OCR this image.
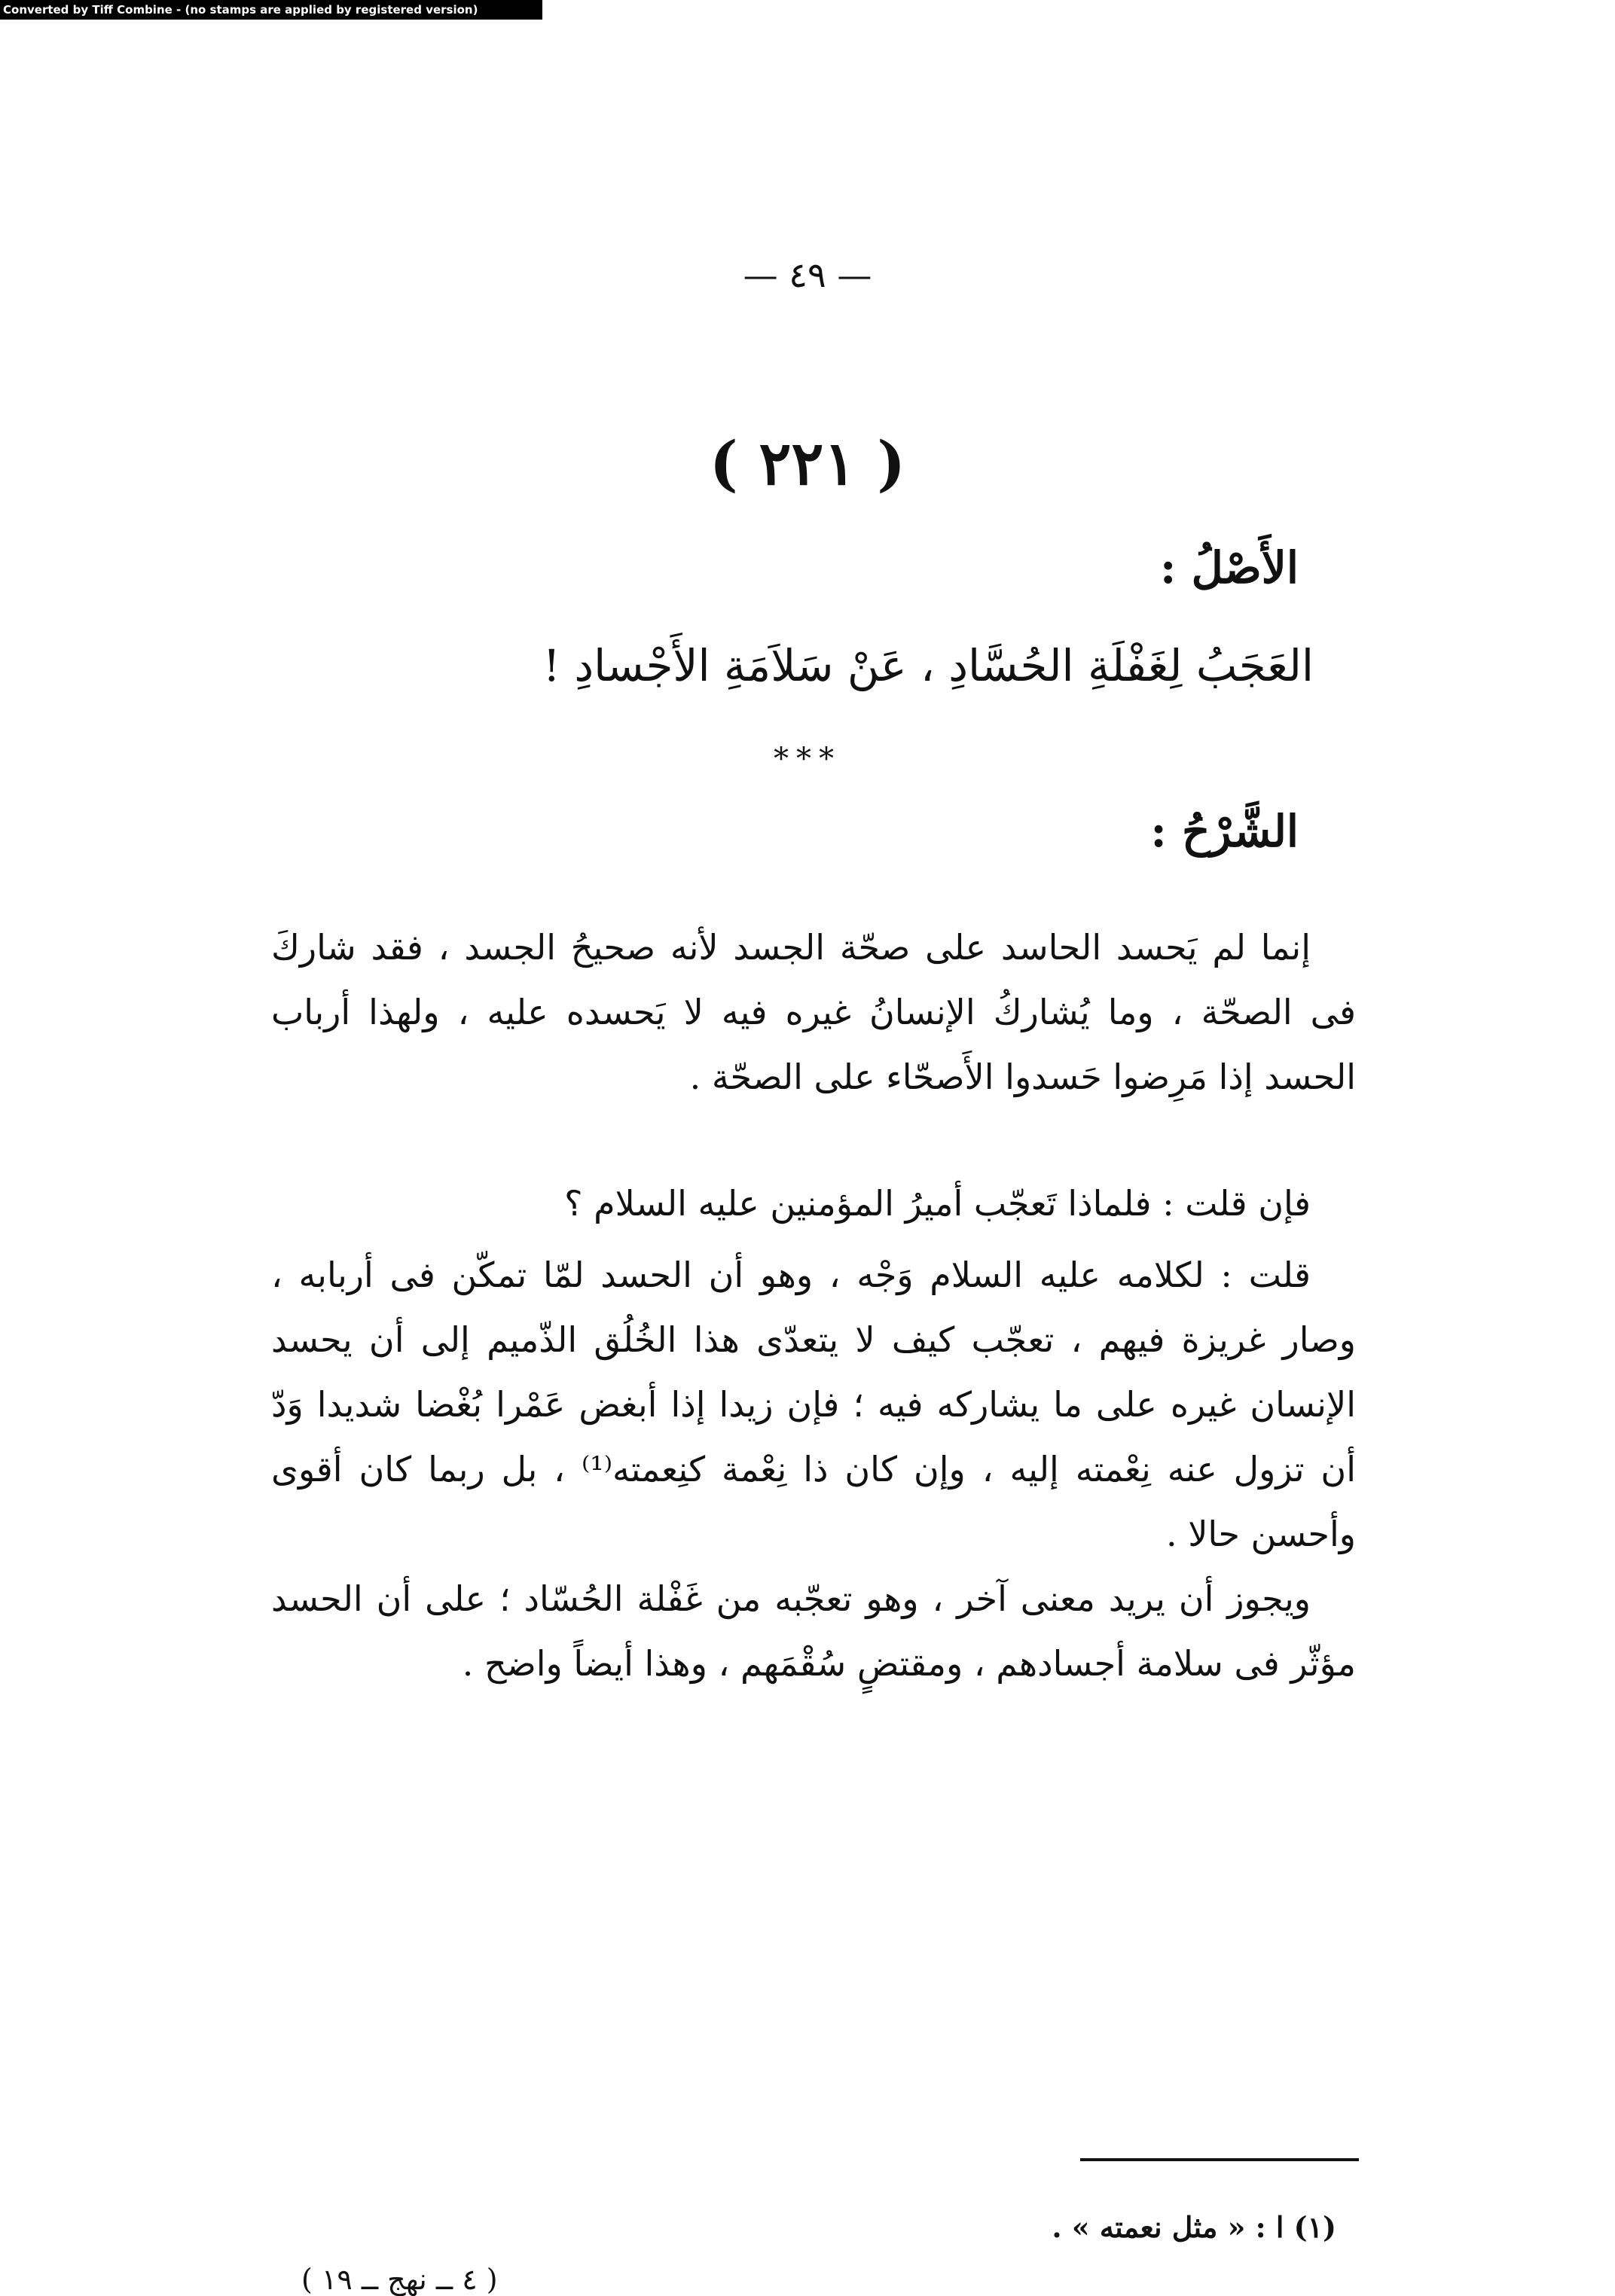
Converted by Tiff Combine - (no stamps are applied by registered version)
— ٤٩ —
( ٢٢١ )
الأَصْلُ :
العَجَبُ لِغَفْلَةِ الحُسَّادِ ، عَنْ سَلاَمَةِ الأَجْسادِ !
***
الشَّرْحُ :
إنما لم يَحسد الحاسد على صحّة الجسد لأنه صحيحُ الجسد ، فقد شاركَ فى الصحّة ، وما يُشاركُ الإنسانُ غيره فيه لا يَحسده عليه ، ولهذا أرباب الحسد إذا مَرِضوا حَسدوا الأَصحّاء على الصحّة .
فإن قلت : فلماذا تَعجّب أميرُ المؤمنين عليه السلام ؟
قلت : لكلامه عليه السلام وَجْه ، وهو أن الحسد لمّا تمكّن فى أربابه ، وصار غريزة فيهم ، تعجّب كيف لا يتعدّى هذا الخُلُق الذّميم إلى أن يحسد الإنسان غيره على ما يشاركه فيه ؛ فإن زيدا إذا أبغض عَمْرا بُغْضا شديدا وَدّ أن تزول عنه نِعْمته إليه ، وإن كان ذا نِعْمة كنِعمته⁽¹⁾ ، بل ربما كان أقوى وأحسن حالا .
ويجوز أن يريد معنى آخر ، وهو تعجّبه من غَفْلة الحُسّاد ؛ على أن الحسد مؤثّر فى سلامة أجسادهم ، ومقتضٍ سُقْمَهم ، وهذا أيضاً واضح .
(١) ا : « مثل نعمته » .
( ٤ ــ نهج ــ ١٩ )
